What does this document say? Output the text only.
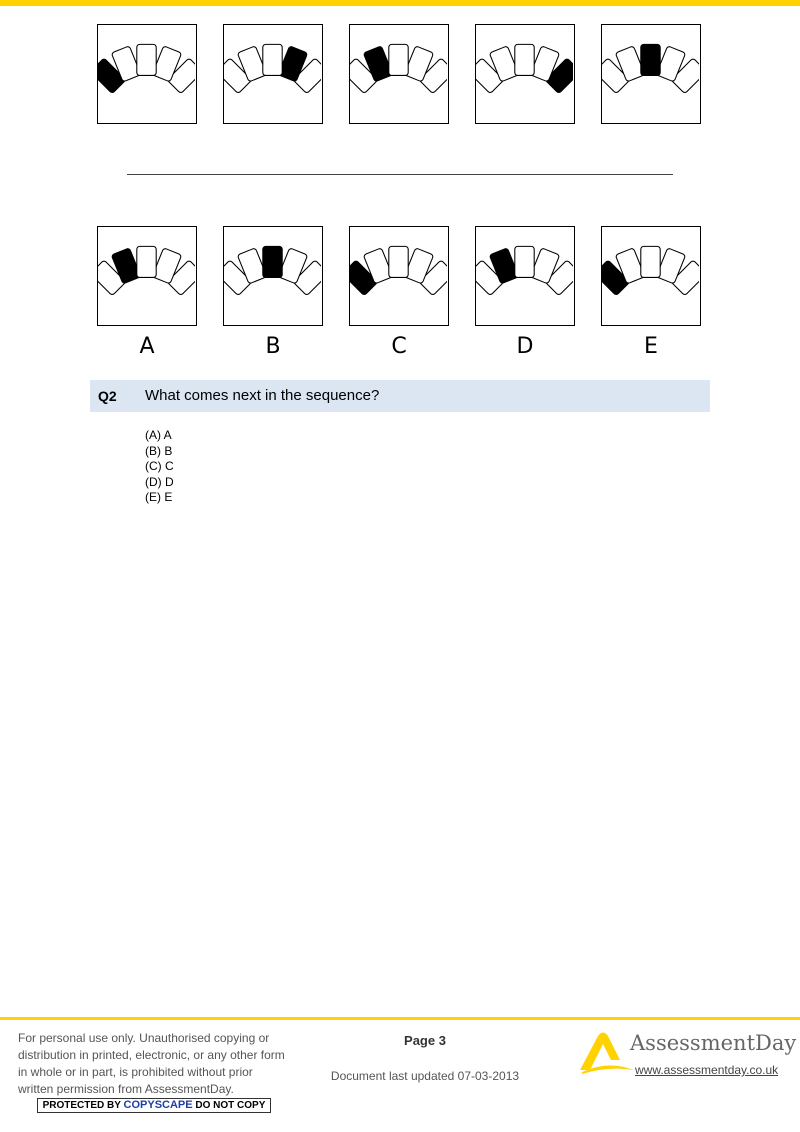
A	B	C	D	E
Q2 What comes next in the sequence?
(A) A
(B) B
(C) C
(D) D
(E) E
For personal use only. Unauthorised copying or distribution in printed, electronic, or any other form in whole or in part, is prohibited without prior written permission from AssessmentDay.
PROTECTED BY COPYSCAPE DO NOT COPY
Page 3
Document last updated 07-03-2013
AssessmentDay
www.assessmentday.co.uk
